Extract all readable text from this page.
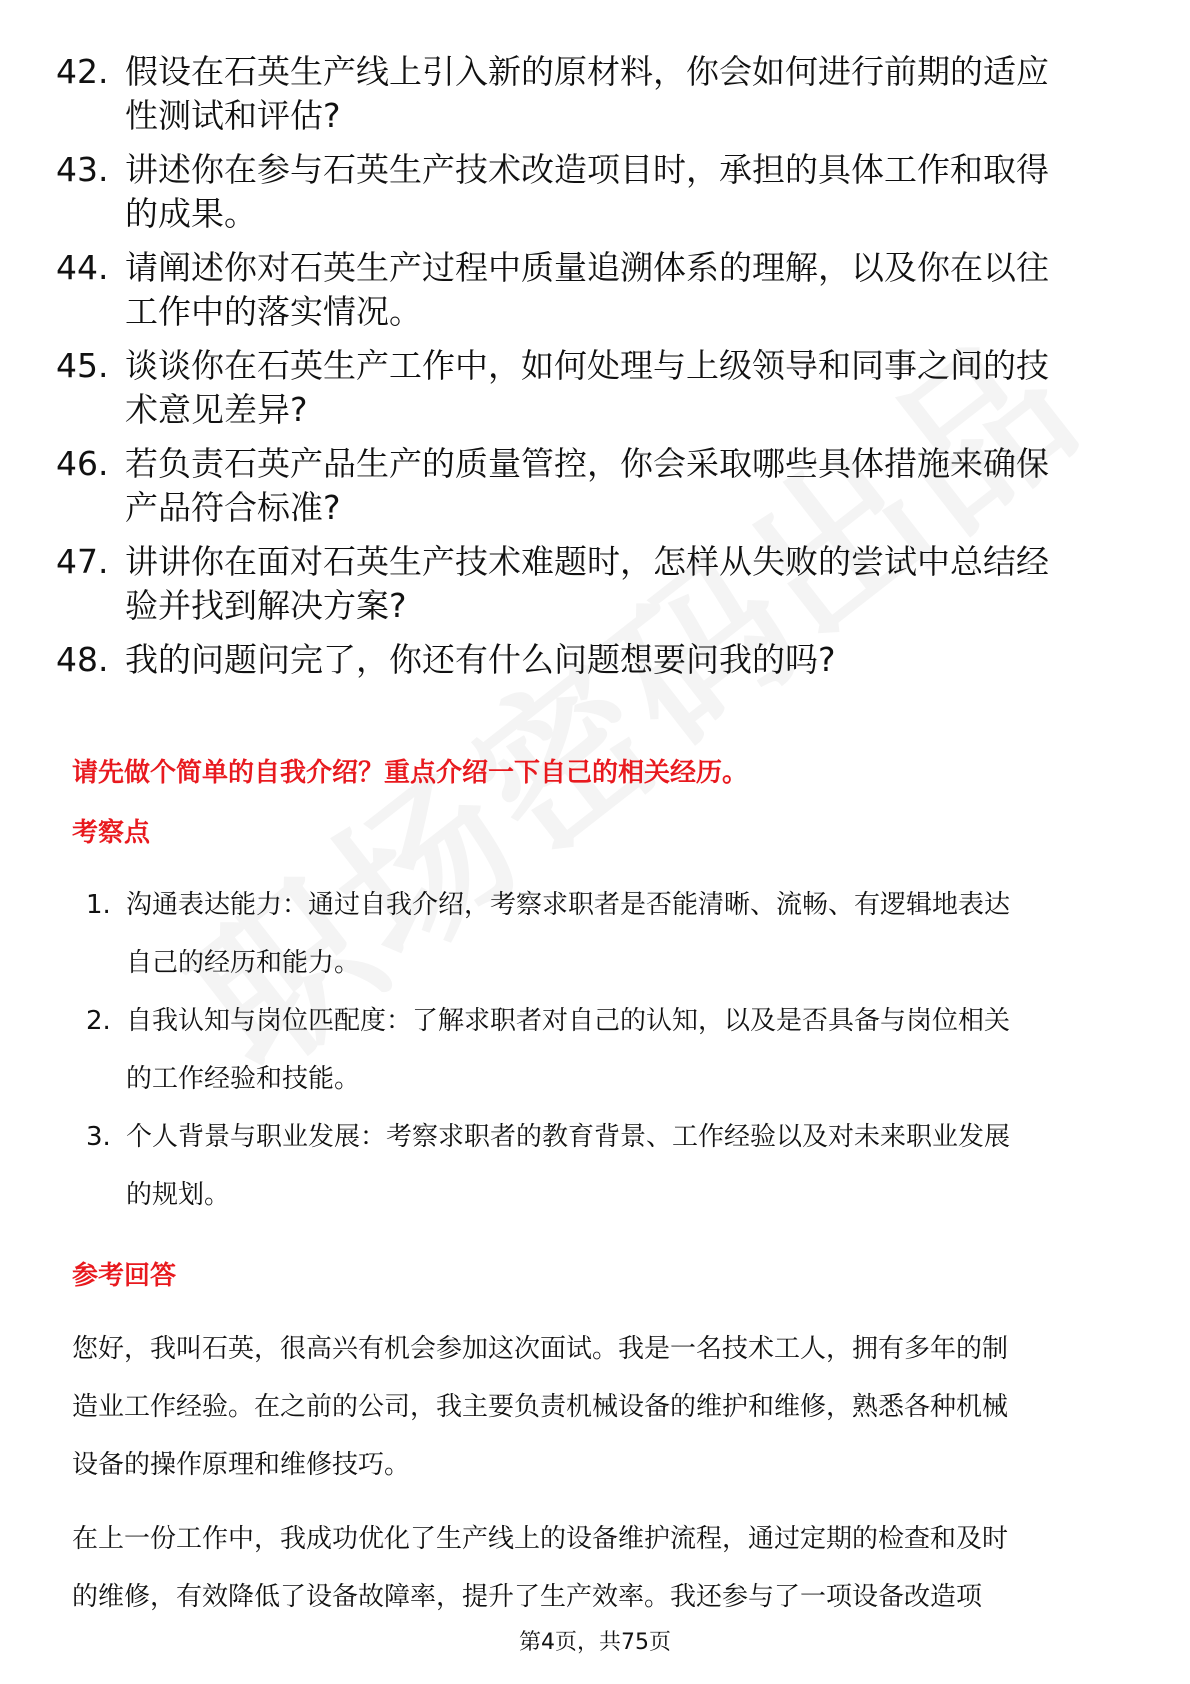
42. 假设在石英生产线上引入新的原材料，你会如何进行前期的适应
性测试和评估?
43. 讲述你在参与石英生产技术改造项目时，承担的具体工作和取得
的成果。
44. 请阐述你对石英生产过程中质量追溯体系的理解，以及你在以往
工作中的落实情况。
45. 谈谈你在石英生产工作中，如何处理与上级领导和同事之间的技
术意见差异?
46. 若负责石英产品生产的质量管控，你会采取哪些具体措施来确保
产品符合标准?
47. 讲讲你在面对石英生产技术难题时，怎样从失败的尝试中总结经
验并找到解决方案?
48. 我的问题问完了，你还有什么问题想要问我的吗?
请先做个简单的自我介绍？重点介绍一下自己的相关经历。
考察点
1. 沟通表达能力：通过自我介绍，考察求职者是否能清晰、流畅、有逻辑地表达
自己的经历和能力。
2. 自我认知与岗位匹配度：了解求职者对自己的认知，以及是否具备与岗位相关
的工作经验和技能。
3. 个人背景与职业发展：考察求职者的教育背景、工作经验以及对未来职业发展
的规划。
参考回答
您好，我叫石英，很高兴有机会参加这次面试。我是一名技术工人，拥有多年的制
造业工作经验。在之前的公司，我主要负责机械设备的维护和维修，熟悉各种机械
设备的操作原理和维修技巧。
在上一份工作中，我成功优化了生产线上的设备维护流程，通过定期的检查和及时
的维修，有效降低了设备故障率，提升了生产效率。我还参与了一项设备改造项
第4页，共75页
